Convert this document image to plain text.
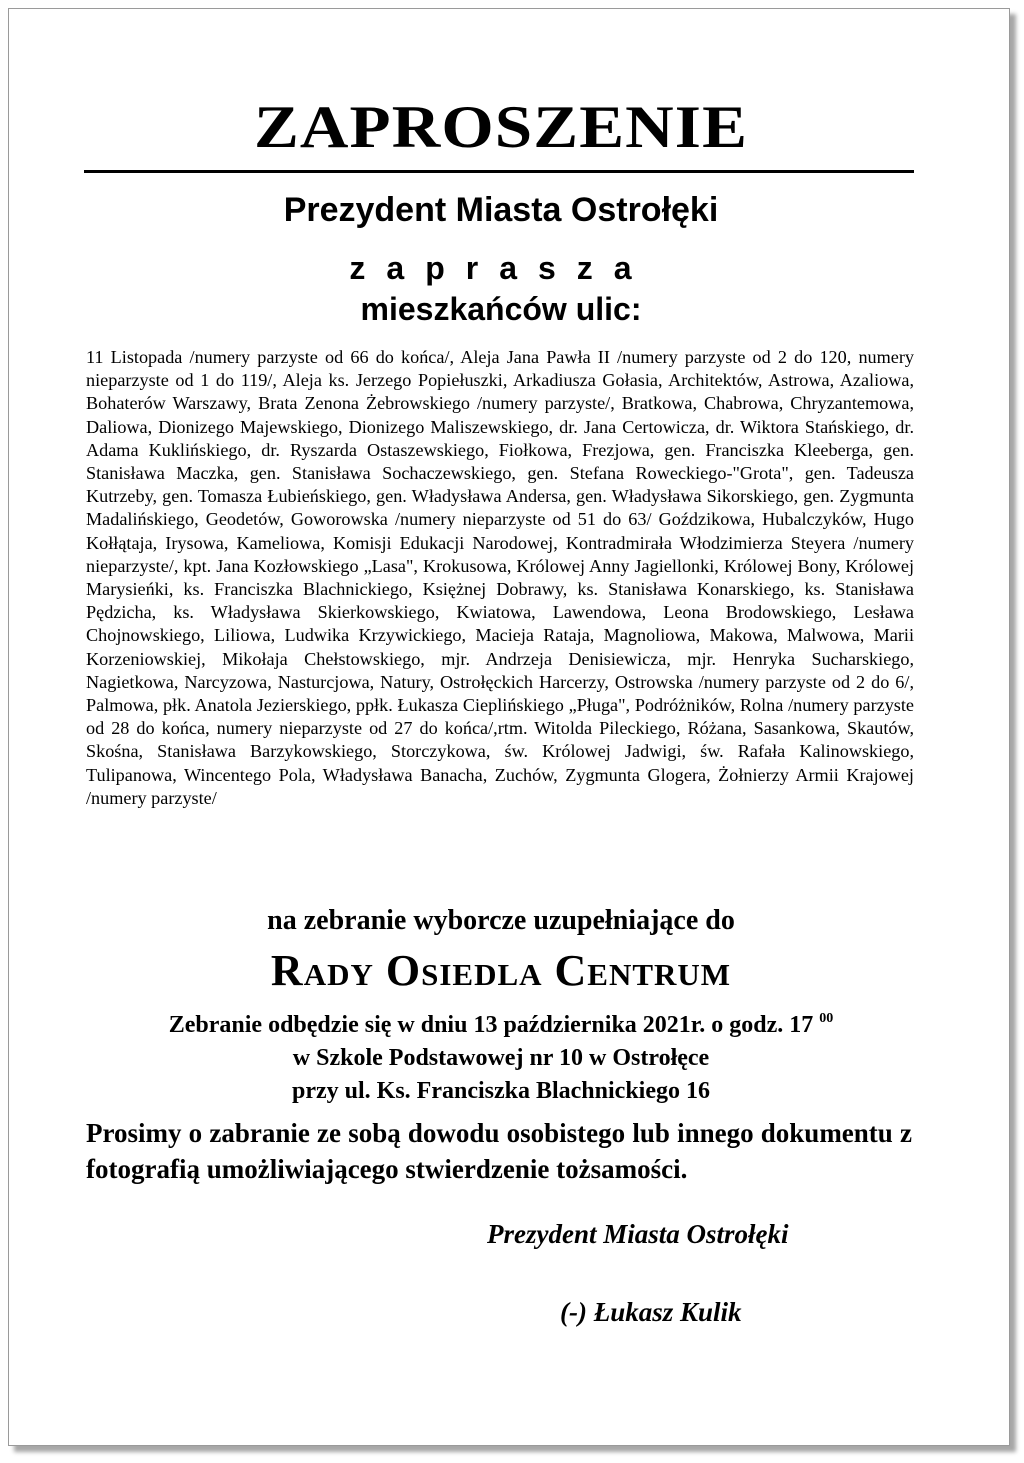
ZAPROSZENIE
Prezydent Miasta Ostrołęki
zaprasza
mieszkańców ulic:
11 Listopada /numery parzyste od 66 do końca/, Aleja Jana Pawła II /numery parzyste od 2 do 120, numery nieparzyste od 1 do 119/, Aleja ks. Jerzego Popiełuszki, Arkadiusza Gołasia, Architektów, Astrowa, Azaliowa, Bohaterów Warszawy, Brata Zenona Żebrowskiego /numery parzyste/, Bratkowa, Chabrowa, Chryzantemowa, Daliowa, Dionizego Majewskiego, Dionizego Maliszewskiego, dr. Jana Certowicza, dr. Wiktora Stańskiego, dr. Adama Kuklińskiego, dr. Ryszarda Ostaszewskiego, Fiołkowa, Frezjowa, gen. Franciszka Kleeberga, gen. Stanisława Maczka, gen. Stanisława Sochaczewskiego, gen. Stefana Roweckiego-"Grota", gen. Tadeusza Kutrzeby, gen. Tomasza Łubieńskiego, gen. Władysława Andersa, gen. Władysława Sikorskiego, gen. Zygmunta Madalińskiego, Geodetów, Goworowska /numery nieparzyste od 51 do 63/ Goździkowa, Hubalczyków, Hugo Kołłątaja, Irysowa, Kameliowa, Komisji Edukacji Narodowej, Kontradmirała Włodzimierza Steyera /numery nieparzyste/, kpt. Jana Kozłowskiego „Lasa", Krokusowa, Królowej Anny Jagiellonki, Królowej Bony, Królowej Marysieńki, ks. Franciszka Blachnickiego, Księżnej Dobrawy, ks. Stanisława Konarskiego, ks. Stanisława Pędzicha, ks. Władysława Skierkowskiego, Kwiatowa, Lawendowa, Leona Brodowskiego, Lesława Chojnowskiego, Liliowa, Ludwika Krzywickiego, Macieja Rataja, Magnoliowa, Makowa, Malwowa, Marii Korzeniowskiej, Mikołaja Chełstowskiego, mjr. Andrzeja Denisiewicza, mjr. Henryka Sucharskiego, Nagietkowa, Narcyzowa, Nasturcjowa, Natury, Ostrołęckich Harcerzy, Ostrowska /numery parzyste od 2 do 6/, Palmowa, płk. Anatola Jezierskiego, ppłk. Łukasza Cieplińskiego „Pługa", Podróżników, Rolna /numery parzyste od 28 do końca, numery nieparzyste od 27 do końca/,rtm. Witolda Pileckiego, Różana, Sasankowa, Skautów, Skośna, Stanisława Barzykowskiego, Storczykowa, św. Królowej Jadwigi, św. Rafała Kalinowskiego, Tulipanowa, Wincentego Pola, Władysława Banacha, Zuchów, Zygmunta Glogera, Żołnierzy Armii Krajowej /numery parzyste/
na zebranie wyborcze uzupełniające do
Rady Osiedla Centrum
Zebranie odbędzie się w dniu 13 października 2021r. o godz. 17 $^{00}$
w Szkole Podstawowej nr 10 w Ostrołęce
przy ul. Ks. Franciszka Blachnickiego 16
Prosimy o zabranie ze sobą dowodu osobistego lub innego dokumentu z fotografią umożliwiającego stwierdzenie tożsamości.
Prezydent Miasta Ostrołęki
(-) Łukasz Kulik
